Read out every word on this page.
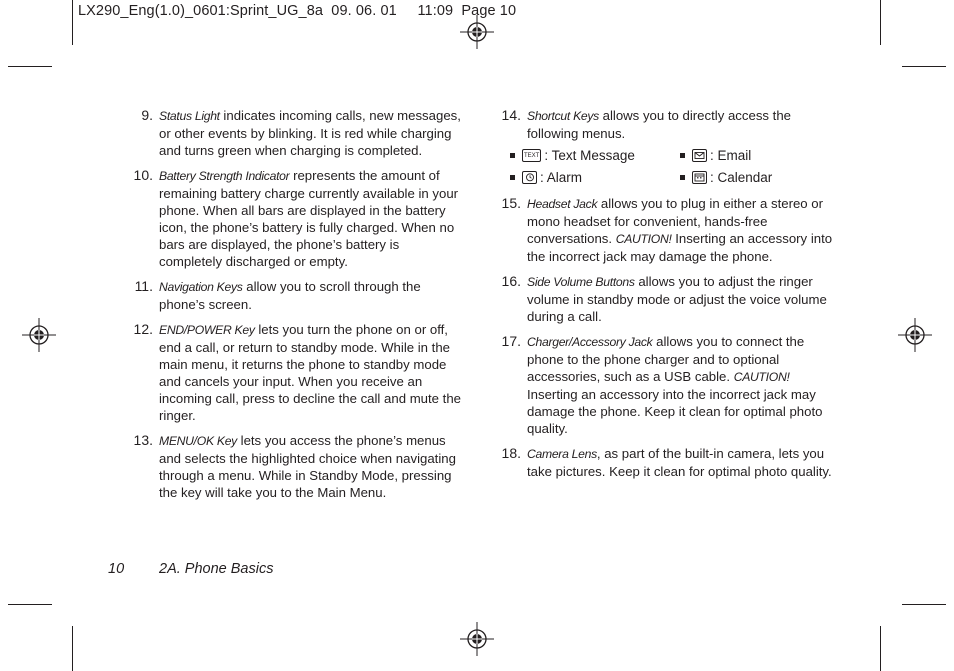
LX290_Eng(1.0)_0601:Sprint_UG_8a  09. 06. 01     11:09  Page 10
9. Status Light indicates incoming calls, new messages, or other events by blinking. It is red while charging and turns green when charging is completed.
10. Battery Strength Indicator represents the amount of remaining battery charge currently available in your phone. When all bars are displayed in the battery icon, the phone’s battery is fully charged. When no bars are displayed, the phone’s battery is completely discharged or empty.
11. Navigation Keys allow you to scroll through the phone’s screen.
12. END/POWER Key lets you turn the phone on or off, end a call, or return to standby mode. While in the main menu, it returns the phone to standby mode and cancels your input. When you receive an incoming call, press to decline the call and mute the ringer.
13. MENU/OK Key lets you access the phone’s menus and selects the highlighted choice when navigating through a menu. While in Standby Mode, pressing the key will take you to the Main Menu.
14. Shortcut Keys allows you to directly access the following menus.
TEXT : Text Message	: Email
: Alarm	: Calendar
15. Headset Jack allows you to plug in either a stereo or mono headset for convenient, hands-free conversations. CAUTION! Inserting an accessory into the incorrect jack may damage the phone.
16. Side Volume Buttons allows you to adjust the ringer volume in standby mode or adjust the voice volume during a call.
17. Charger/Accessory Jack allows you to connect the phone to the phone charger and to optional accessories, such as a USB cable. CAUTION! Inserting an accessory into the incorrect jack may damage the phone. Keep it clean for optimal photo quality.
18. Camera Lens, as part of the built-in camera, lets you take pictures. Keep it clean for optimal photo quality.
10 2A. Phone Basics
